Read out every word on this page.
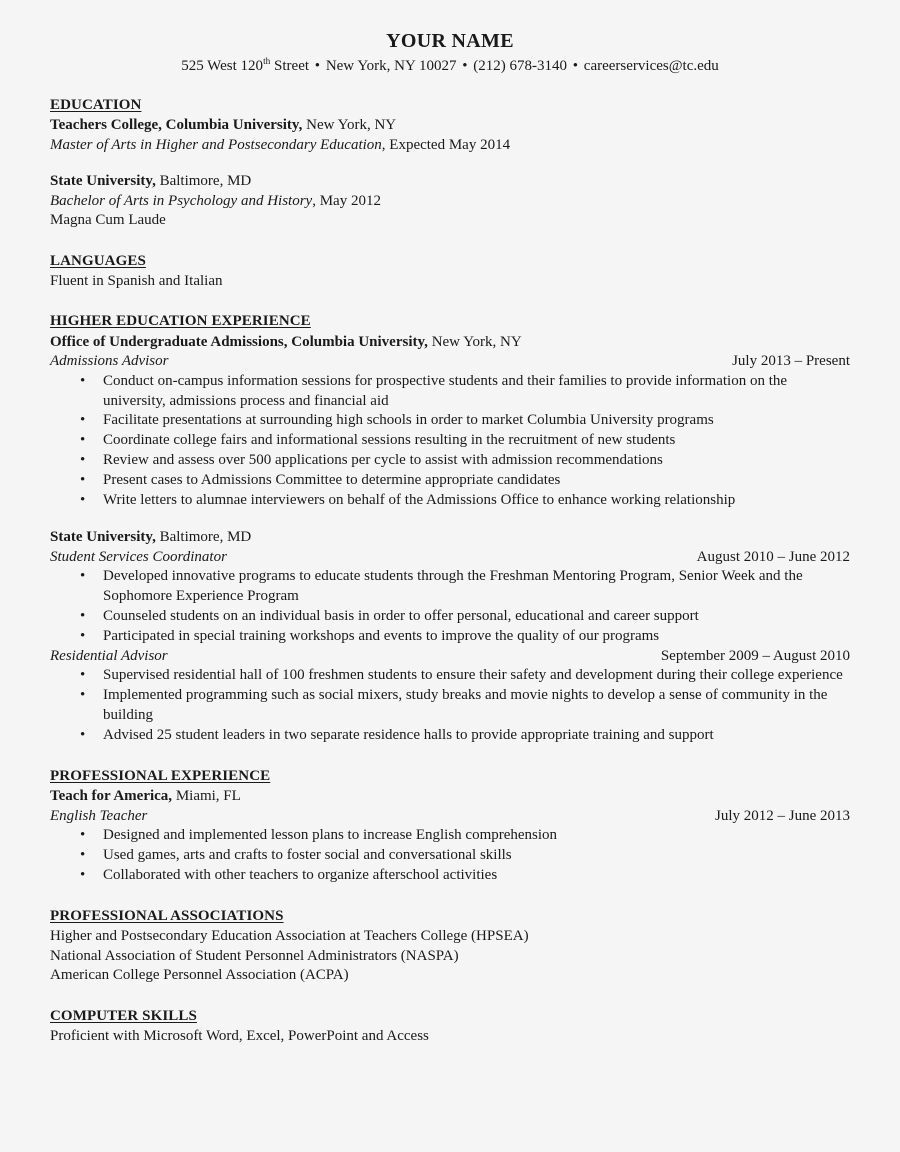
YOUR NAME
525 West 120th Street • New York, NY 10027 • (212) 678-3140 • careerservices@tc.edu
EDUCATION
Teachers College, Columbia University, New York, NY
Master of Arts in Higher and Postsecondary Education, Expected May 2014
State University, Baltimore, MD
Bachelor of Arts in Psychology and History, May 2012
Magna Cum Laude
LANGUAGES
Fluent in Spanish and Italian
HIGHER EDUCATION EXPERIENCE
Office of Undergraduate Admissions, Columbia University, New York, NY
Admissions Advisor	July 2013 – Present
• Conduct on-campus information sessions for prospective students and their families to provide information on the university, admissions process and financial aid
• Facilitate presentations at surrounding high schools in order to market Columbia University programs
• Coordinate college fairs and informational sessions resulting in the recruitment of new students
• Review and assess over 500 applications per cycle to assist with admission recommendations
• Present cases to Admissions Committee to determine appropriate candidates
• Write letters to alumnae interviewers on behalf of the Admissions Office to enhance working relationship
State University, Baltimore, MD
Student Services Coordinator	August 2010 – June 2012
• Developed innovative programs to educate students through the Freshman Mentoring Program, Senior Week and the Sophomore Experience Program
• Counseled students on an individual basis in order to offer personal, educational and career support
• Participated in special training workshops and events to improve the quality of our programs
Residential Advisor	September 2009 – August 2010
• Supervised residential hall of 100 freshmen students to ensure their safety and development during their college experience
• Implemented programming such as social mixers, study breaks and movie nights to develop a sense of community in the building
• Advised 25 student leaders in two separate residence halls to provide appropriate training and support
PROFESSIONAL EXPERIENCE
Teach for America, Miami, FL
English Teacher	July 2012 – June 2013
• Designed and implemented lesson plans to increase English comprehension
• Used games, arts and crafts to foster social and conversational skills
• Collaborated with other teachers to organize afterschool activities
PROFESSIONAL ASSOCIATIONS
Higher and Postsecondary Education Association at Teachers College (HPSEA)
National Association of Student Personnel Administrators (NASPA)
American College Personnel Association (ACPA)
COMPUTER SKILLS
Proficient with Microsoft Word, Excel, PowerPoint and Access
